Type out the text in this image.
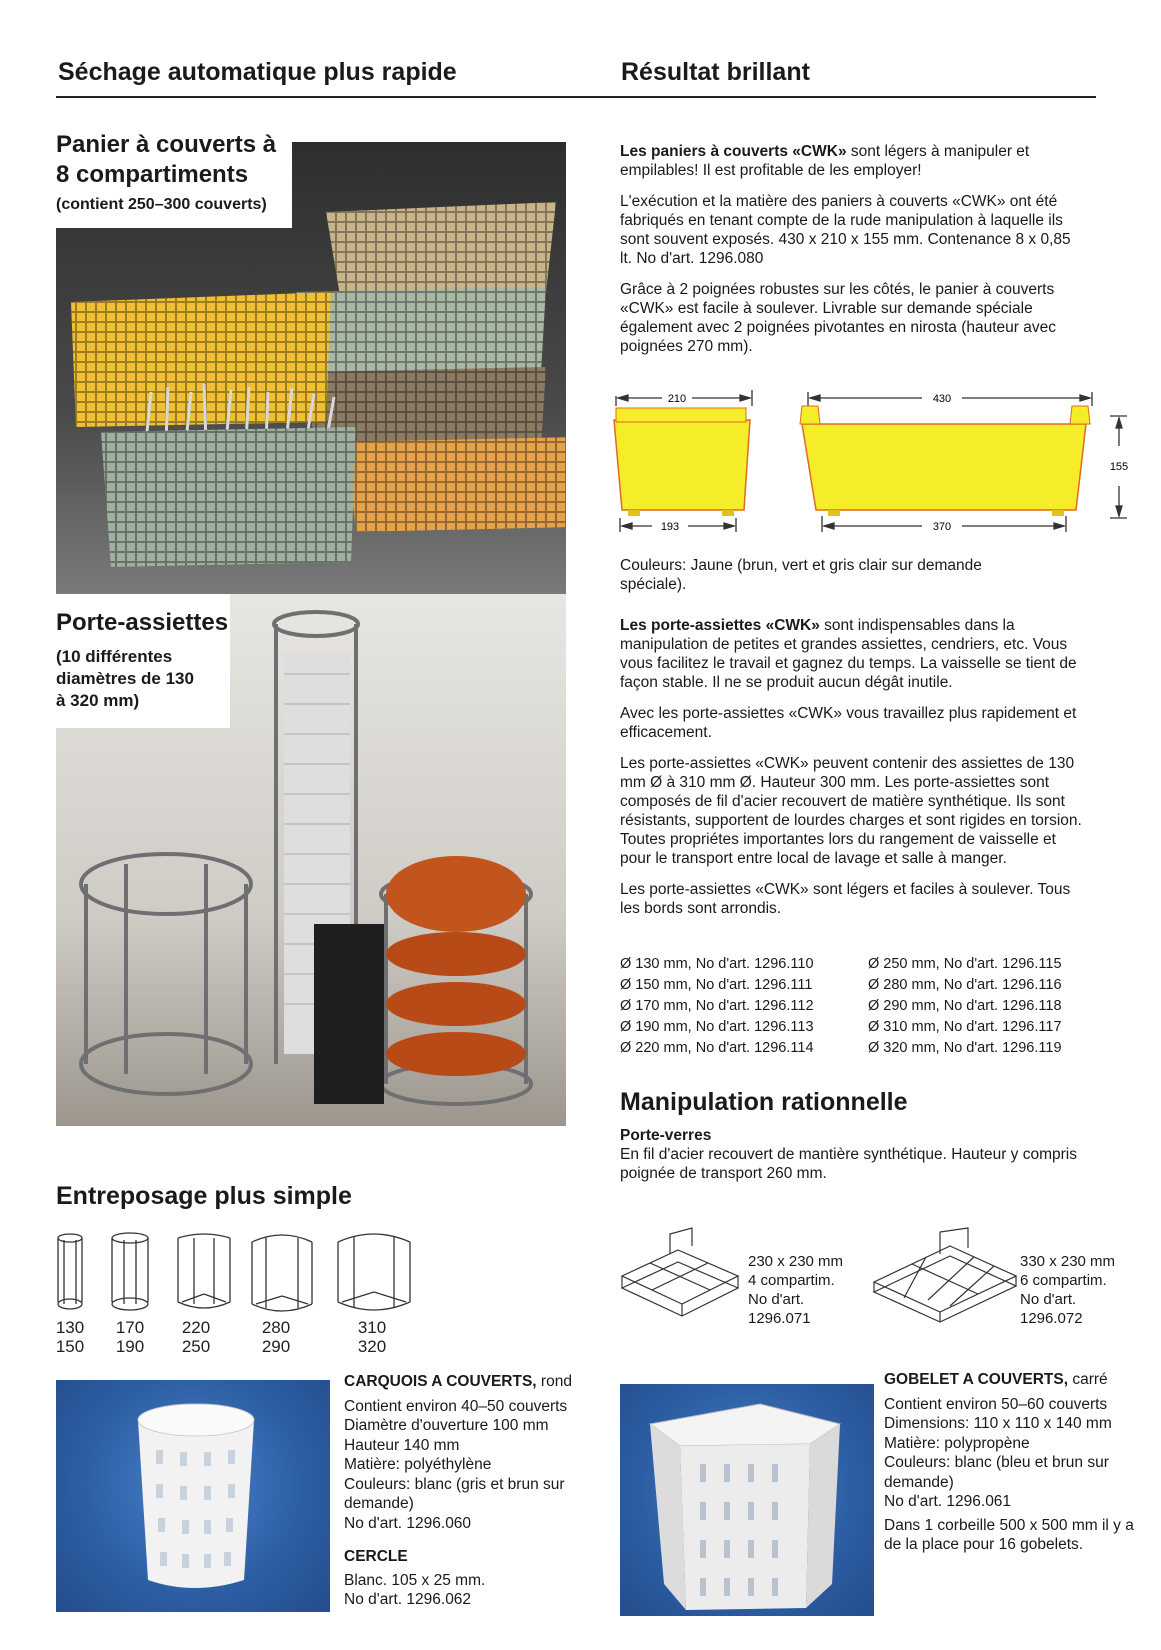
Séchage automatique plus rapide	Résultat brillant
Panier à couverts à
8 compartiments
(contient 250–300 couverts)
Porte-assiettes
(10 différentes diamètres de 130 à 320 mm)

Les paniers à couverts «CWK» sont légers à manipuler et empilables! Il est profitable de les employer!

L'exécution et la matière des paniers à couverts «CWK» ont été fabriqués en tenant compte de la rude manipulation à laquelle ils sont souvent exposés. 430 x 210 x 155 mm. Contenance 8 x 0,85 lt. No d'art. 1296.080

Grâce à 2 poignées robustes sur les côtés, le panier à couverts «CWK» est facile à soulever. Livrable sur demande spéciale également avec 2 poignées pivotantes en nirosta (hauteur avec poignées 270 mm).

210	430
155
193	370
Couleurs: Jaune (brun, vert et gris clair sur demande spéciale).

Les porte-assiettes «CWK» sont indispensables dans la manipulation de petites et grandes assiettes, cendriers, etc. Vous vous facilitez le travail et gagnez du temps. La vaisselle se tient de façon stable. Il ne se produit aucun dégât inutile.

Avec les porte-assiettes «CWK» vous travaillez plus rapidement et efficacement.

Les porte-assiettes «CWK» peuvent contenir des assiettes de 130 mm Ø à 310 mm Ø. Hauteur 300 mm. Les porte-assiettes sont composés de fil d'acier recouvert de matière synthétique. Ils sont résistants, supportent de lourdes charges et sont rigides en torsion. Toutes propriétes importantes lors du rangement de vaisselle et pour le transport entre local de lavage et salle à manger.

Les porte-assiettes «CWK» sont légers et faciles à soulever. Tous les bords sont arrondis.

Ø 130 mm, No d'art. 1296.110	Ø 250 mm, No d'art. 1296.115
Ø 150 mm, No d'art. 1296.111	Ø 280 mm, No d'art. 1296.116
Ø 170 mm, No d'art. 1296.112	Ø 290 mm, No d'art. 1296.118
Ø 190 mm, No d'art. 1296.113	Ø 310 mm, No d'art. 1296.117
Ø 220 mm, No d'art. 1296.114	Ø 320 mm, No d'art. 1296.119
Manipulation rationnelle
Porte-verres
En fil d'acier recouvert de mantière synthétique. Hauteur y compris poignée de transport 260 mm.
230 x 230 mm
4 compartim.
No d'art.
1296.071
330 x 230 mm
6 compartim.
No d'art.
1296.072
Entreposage plus simple
130
150
170
190
220
250
280
290
310
320
CARQUOIS A COUVERTS, rond
Contient environ 40–50 couverts
Diamètre d'ouverture 100 mm
Hauteur 140 mm
Matière: polyéthylène
Couleurs: blanc (gris et brun sur demande)
No d'art. 1296.060
CERCLE
Blanc. 105 x 25 mm.
No d'art. 1296.062
GOBELET A COUVERTS, carré
Contient environ 50–60 couverts
Dimensions: 110 x 110 x 140 mm
Matière: polypropène
Couleurs: blanc (bleu et brun sur demande)
No d'art. 1296.061
Dans 1 corbeille 500 x 500 mm il y a de la place pour 16 gobelets.
